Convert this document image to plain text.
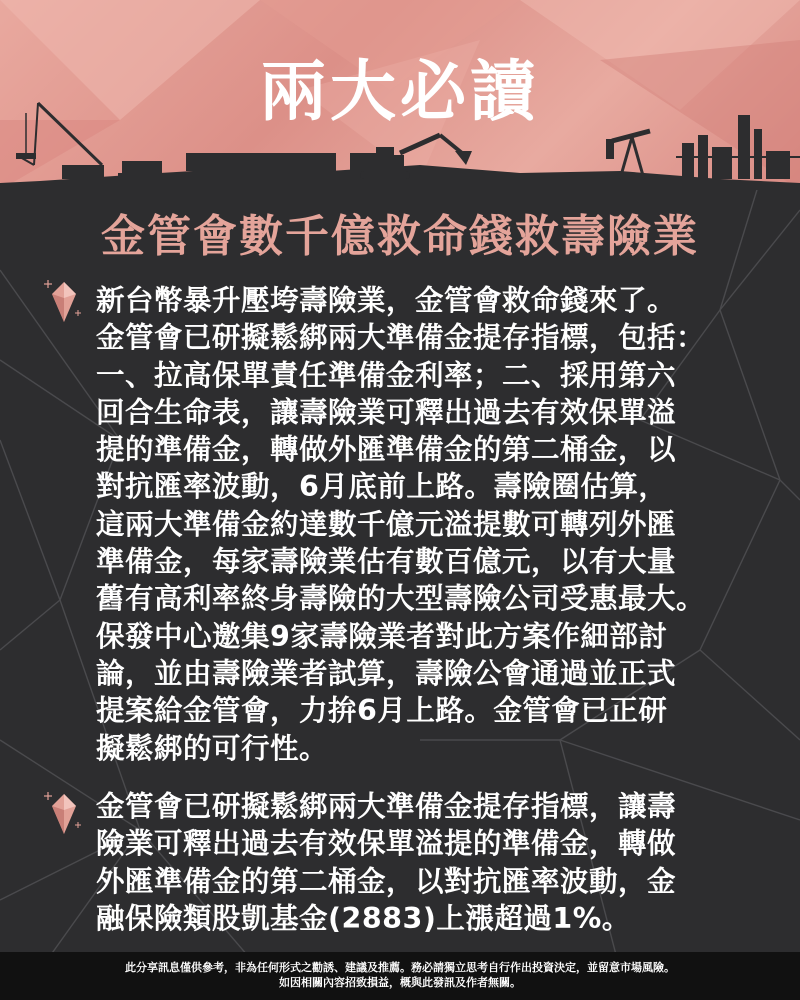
兩大必讀
金管會數千億救命錢救壽險業

新台幣暴升壓垮壽險業，金管會救命錢來了。

金管會已研擬鬆綁兩大準備金提存指標，包括：

一、拉高保單責任準備金利率；二、採用第六

回合生命表，讓壽險業可釋出過去有效保單溢

提的準備金，轉做外匯準備金的第二桶金，以

對抗匯率波動，6月底前上路。壽險圈估算，

這兩大準備金約達數千億元溢提數可轉列外匯

準備金，每家壽險業估有數百億元，以有大量

舊有高利率終身壽險的大型壽險公司受惠最大。

保發中心邀集9家壽險業者對此方案作細部討

論，並由壽險業者試算，壽險公會通過並正式

提案給金管會，力拚6月上路。金管會已正研

擬鬆綁的可行性。

金管會已研擬鬆綁兩大準備金提存指標，讓壽

險業可釋出過去有效保單溢提的準備金，轉做

外匯準備金的第二桶金，以對抗匯率波動，金

融保險類股凱基金(2883)上漲超過1%。

此分享訊息僅供參考，非為任何形式之勸誘、建議及推薦。務必請獨立思考自行作出投資決定，並留意市場風險。

如因相關內容招致損益，概與此發訊及作者無關。
